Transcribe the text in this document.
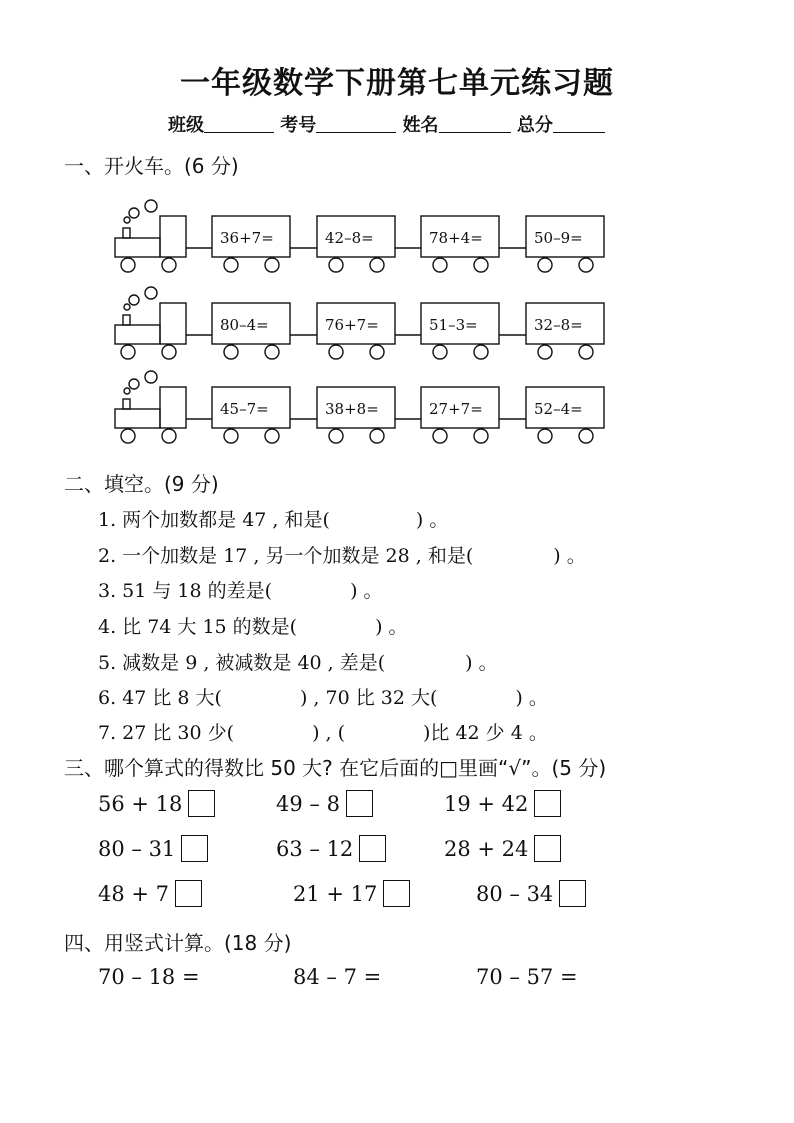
一年级数学下册第七单元练习题
班级	考号	姓名	总分
一、开火车。(6 分)
36+7=	42–8=	78+4=	50–9=
80–4=	76+7=	51–3=	32–8=
45–7=	38+8=	27+7=	52–4=
二、填空。(9 分)
1. 两个加数都是 47 , 和是(	) 。
2. 一个加数是 17 , 另一个加数是 28 , 和是(	) 。
3. 51 与 18 的差是(	) 。
4. 比 74 大 15 的数是(	) 。
5. 减数是 9 , 被减数是 40 , 差是(	) 。
6. 47 比 8 大(	) , 70 比 32 大(	) 。
7. 27 比 30 少(	) , (	)比 42 少 4 。
三、哪个算式的得数比 50 大? 在它后面的□里画“√”。(5 分)
56 + 18	49 – 8	19 + 42
80 – 31	63 – 12	28 + 24
48 + 7	21 + 17	80 – 34
四、用竖式计算。(18 分)
70 – 18 =	84 – 7 =	70 – 57 =
